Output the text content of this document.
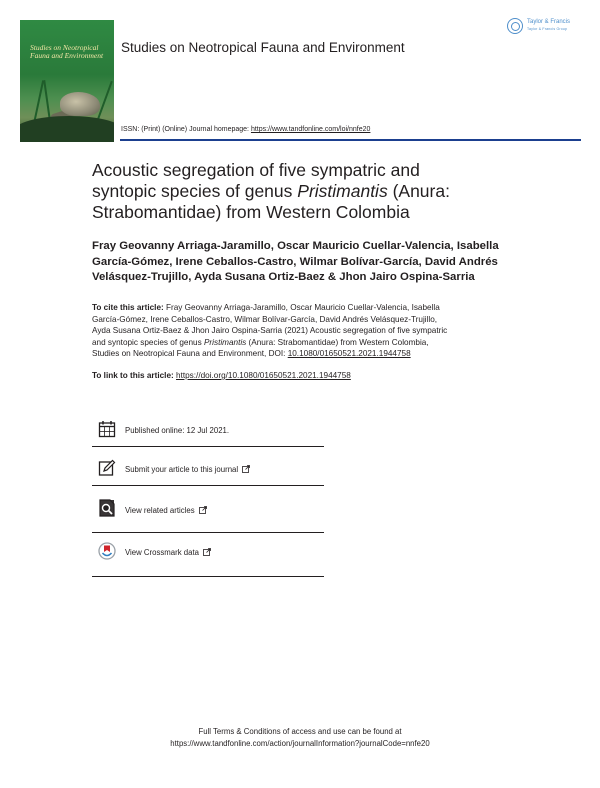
Studies on Neotropical Fauna and Environment
Studies on Neotropical Fauna and Environment
Taylor & Francis
Taylor & Francis Group
ISSN: (Print) (Online) Journal homepage: https://www.tandfonline.com/loi/nnfe20
Acoustic segregation of five sympatric and
syntopic species of genus Pristimantis (Anura:
Strabomantidae) from Western Colombia
Fray Geovanny Arriaga-Jaramillo, Oscar Mauricio Cuellar-Valencia, Isabella
García-Gómez, Irene Ceballos-Castro, Wilmar Bolívar-García, David Andrés
Velásquez-Trujillo, Ayda Susana Ortiz-Baez & Jhon Jairo Ospina-Sarria
To cite this article: Fray Geovanny Arriaga-Jaramillo, Oscar Mauricio Cuellar-Valencia, Isabella
García-Gómez, Irene Ceballos-Castro, Wilmar Bolívar-García, David Andrés Velásquez-Trujillo,
Ayda Susana Ortiz-Baez & Jhon Jairo Ospina-Sarria (2021) Acoustic segregation of five sympatric
and syntopic species of genus Pristimantis (Anura: Strabomantidae) from Western Colombia,
Studies on Neotropical Fauna and Environment, DOI: 10.1080/01650521.2021.1944758
To link to this article: https://doi.org/10.1080/01650521.2021.1944758
Published online: 12 Jul 2021.
Submit your article to this journal
View related articles
View Crossmark data
Full Terms & Conditions of access and use can be found at
https://www.tandfonline.com/action/journalInformation?journalCode=nnfe20
